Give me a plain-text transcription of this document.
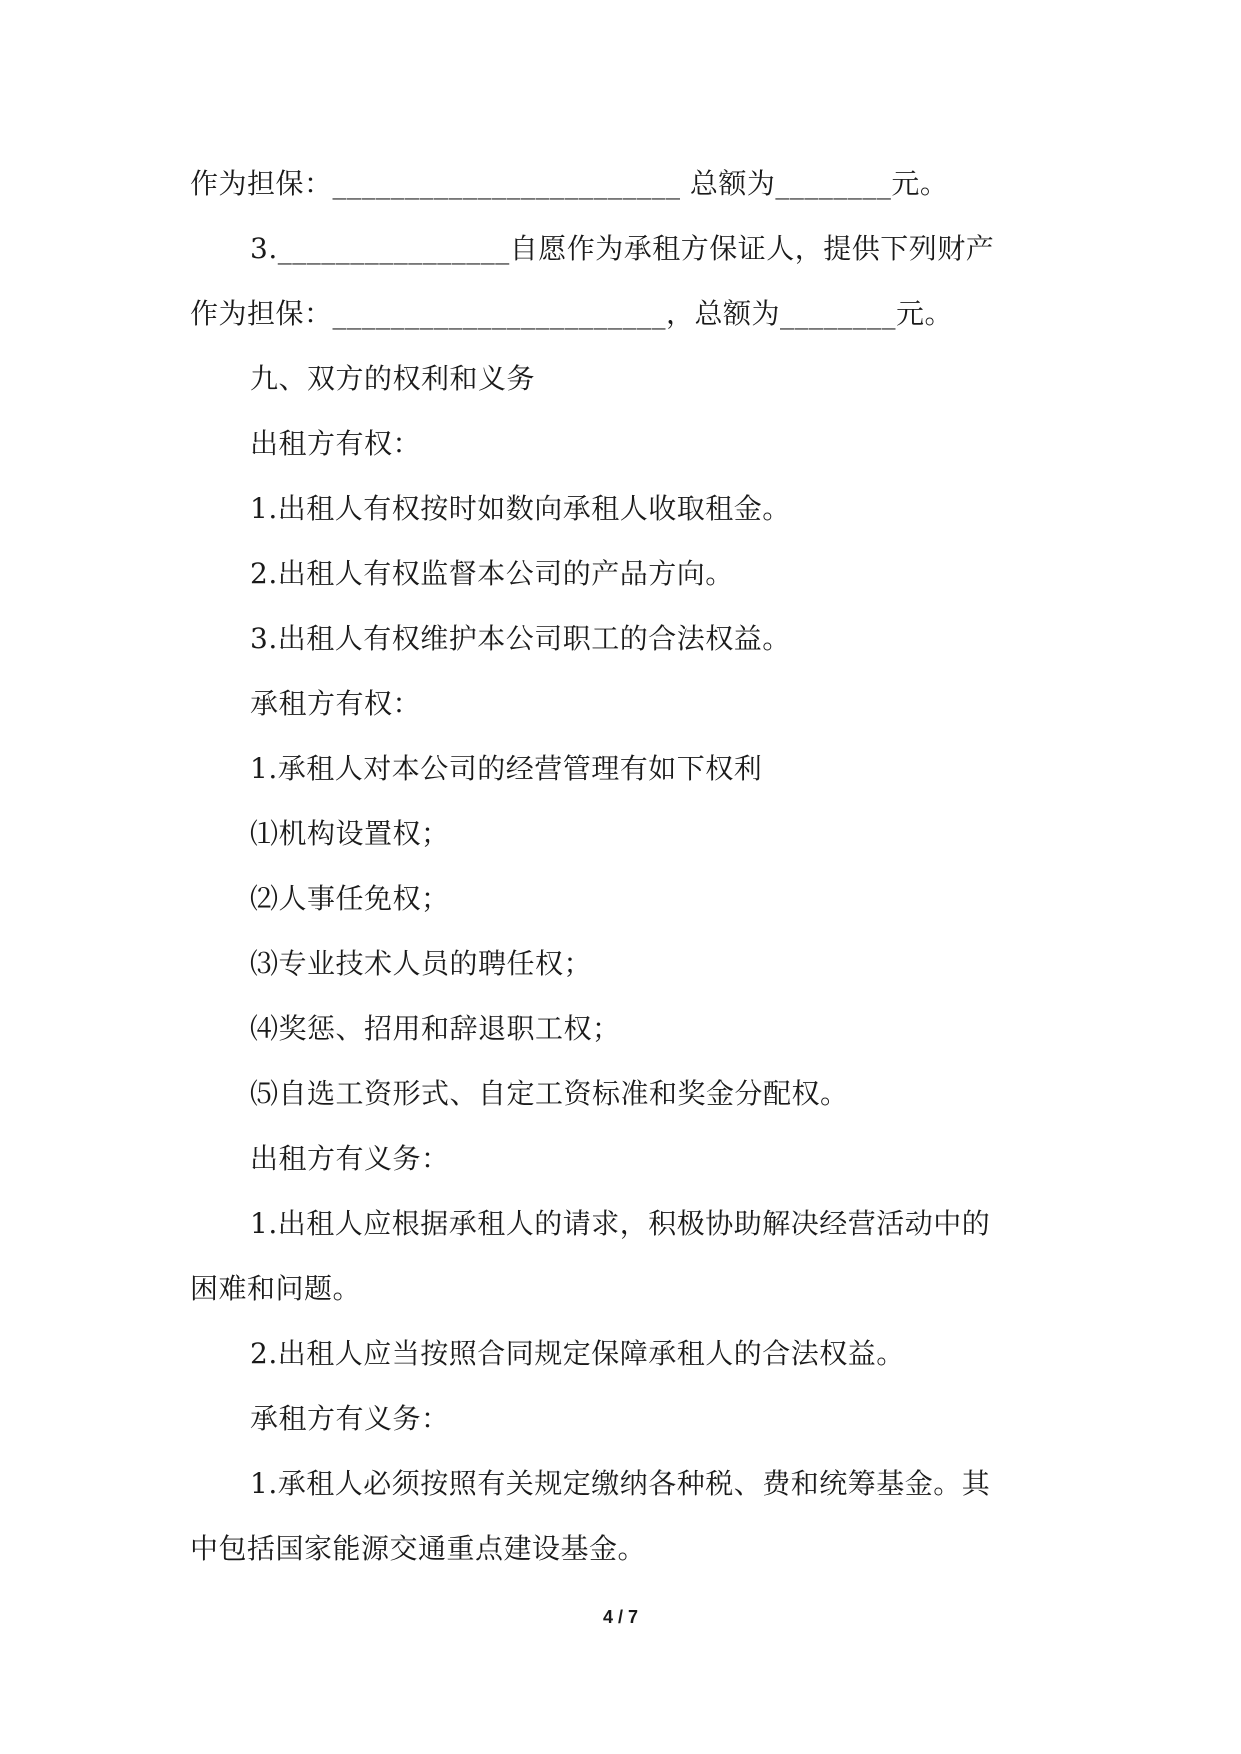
作为担保：________________________ 总额为________元。
3.________________自愿作为承租方保证人，提供下列财产
作为担保：_______________________，总额为________元。
九、双方的权利和义务
出租方有权：
1.出租人有权按时如数向承租人收取租金。
2.出租人有权监督本公司的产品方向。
3.出租人有权维护本公司职工的合法权益。
承租方有权：
1.承租人对本公司的经营管理有如下权利
⑴机构设置权；
⑵人事任免权；
⑶专业技术人员的聘任权；
⑷奖惩、招用和辞退职工权；
⑸自选工资形式、自定工资标准和奖金分配权。
出租方有义务：
1.出租人应根据承租人的请求，积极协助解决经营活动中的
困难和问题。
2.出租人应当按照合同规定保障承租人的合法权益。
承租方有义务：
1.承租人必须按照有关规定缴纳各种税、费和统筹基金。其
中包括国家能源交通重点建设基金。
4 / 7
